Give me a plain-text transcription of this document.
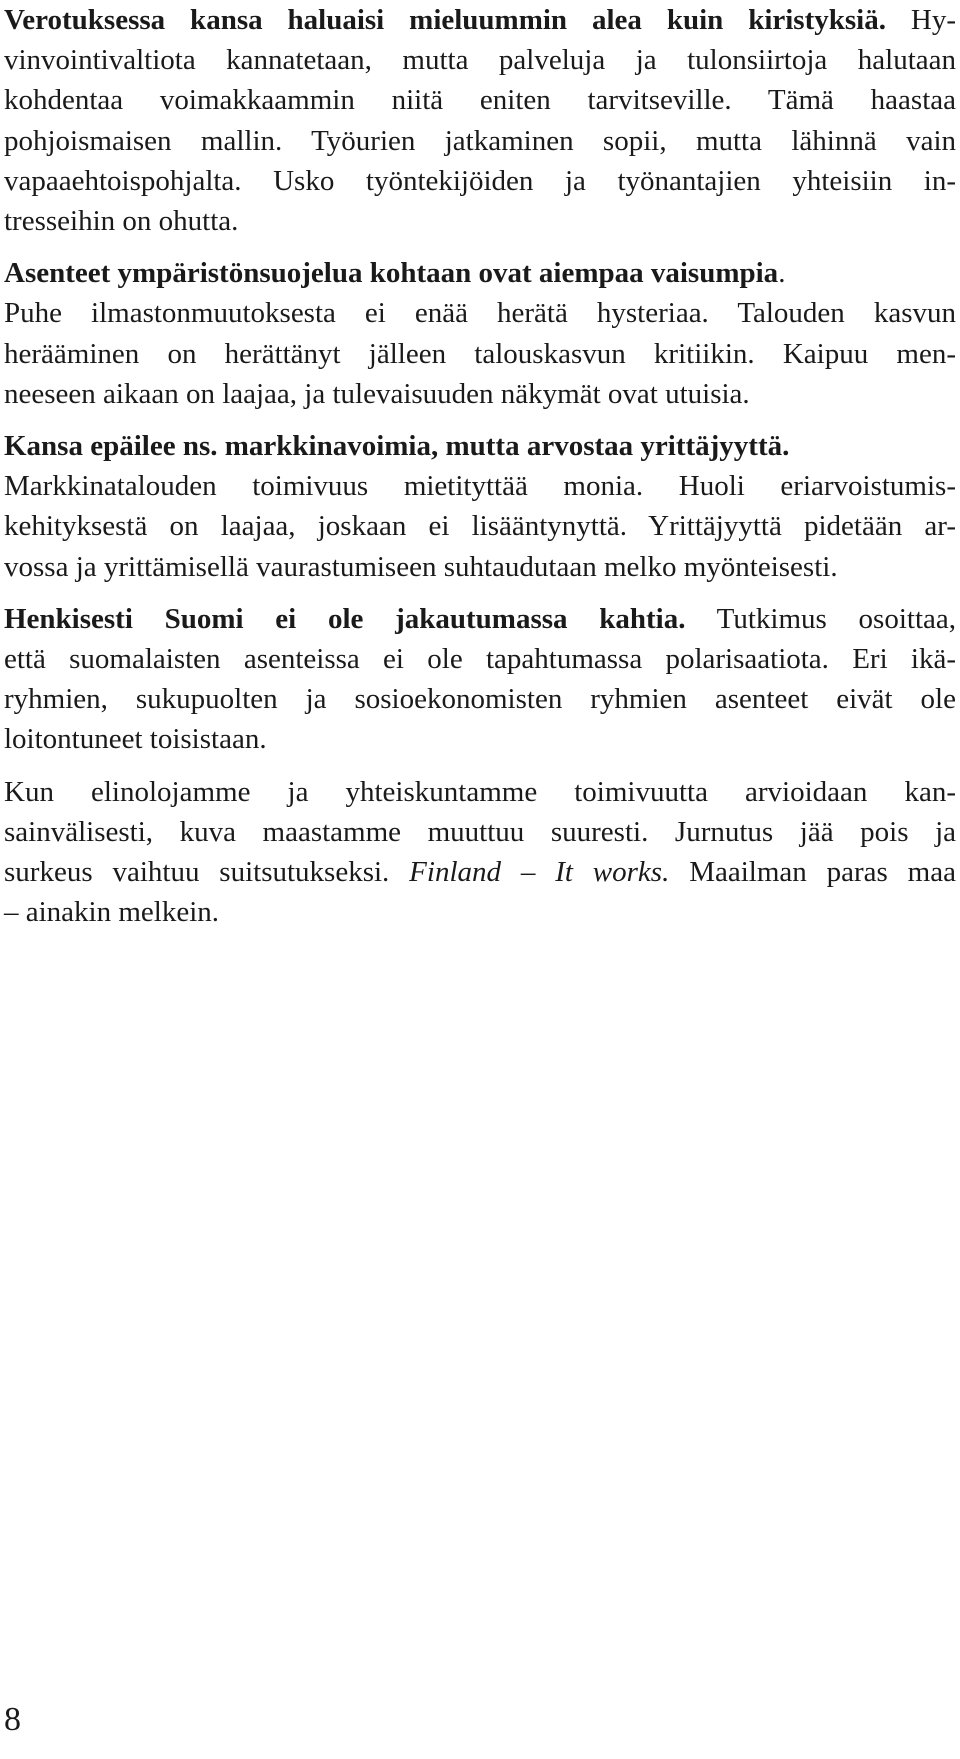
Verotuksessa kansa haluaisi mieluummin alea kuin kiristyksiä. Hy-
vinvointivaltiota kannatetaan, mutta palveluja ja tulonsiirtoja halutaan
kohdentaa voimakkaammin niitä eniten tarvitseville. Tämä haastaa
pohjoismaisen mallin. Työurien jatkaminen sopii, mutta lähinnä vain
vapaaehtoispohjalta. Usko työntekijöiden ja työnantajien yhteisiin in-
tresseihin on ohutta.

Asenteet ympäristönsuojelua kohtaan ovat aiempaa vaisumpia.
Puhe ilmastonmuutoksesta ei enää herätä hysteriaa. Talouden kasvun
herääminen on herättänyt jälleen talouskasvun kritiikin. Kaipuu men-
neeseen aikaan on laajaa, ja tulevaisuuden näkymät ovat utuisia.

Kansa epäilee ns. markkinavoimia, mutta arvostaa yrittäjyyttä.
Markkinatalouden toimivuus mietityttää monia. Huoli eriarvoistumis-
kehityksestä on laajaa, joskaan ei lisääntynyttä. Yrittäjyyttä pidetään ar-
vossa ja yrittämisellä vaurastumiseen suhtaudutaan melko myönteisesti.

Henkisesti Suomi ei ole jakautumassa kahtia. Tutkimus osoittaa,
että suomalaisten asenteissa ei ole tapahtumassa polarisaatiota. Eri ikä-
ryhmien, sukupuolten ja sosioekonomisten ryhmien asenteet eivät ole
loitontuneet toisistaan.

Kun elinolojamme ja yhteiskuntamme toimivuutta arvioidaan kan-
sainvälisesti, kuva maastamme muuttuu suuresti. Jurnutus jää pois ja
surkeus vaihtuu suitsutukseksi. Finland – It works. Maailman paras maa
– ainakin melkein.

8
